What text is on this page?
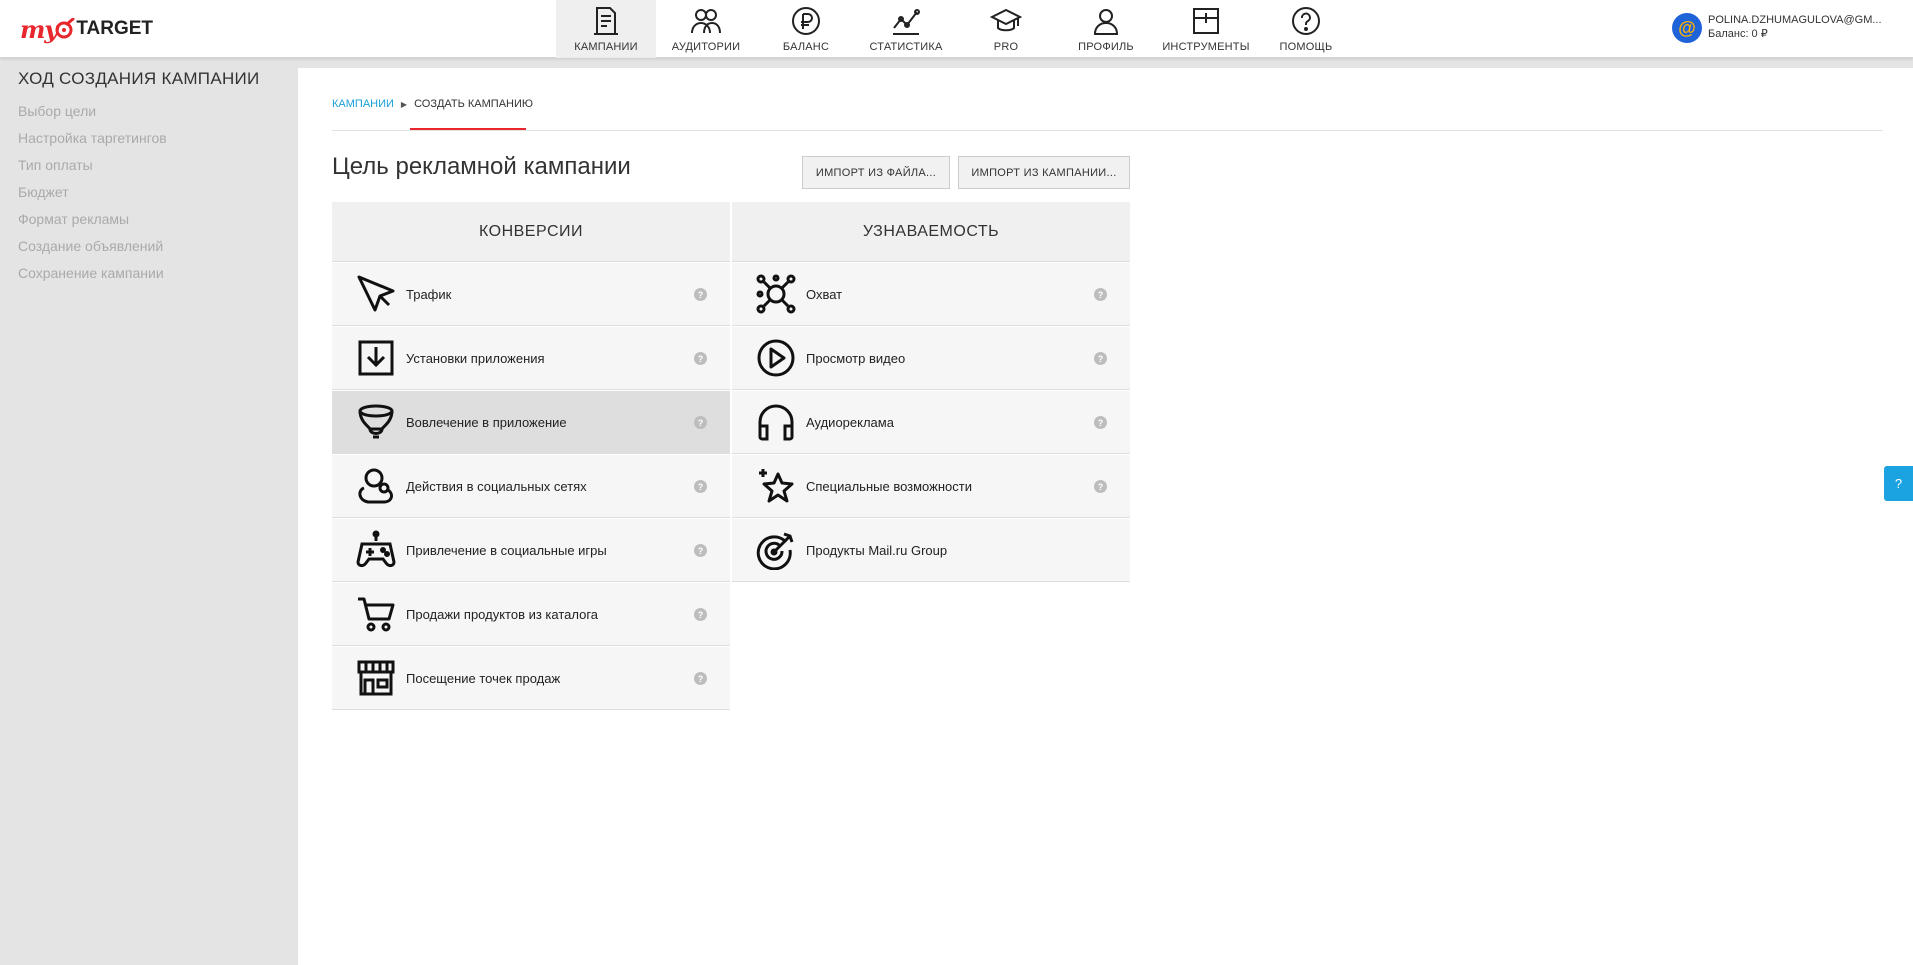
my TARGET
КАМПАНИИ	АУДИТОРИИ	БАЛАНС	СТАТИСТИКА	PRO	ПРОФИЛЬ	ИНСТРУМЕНТЫ	ПОМОЩЬ
@	POLINA.DZHUMAGULOVA@GM...
Баланс: 0 ₽
ХОД СОЗДАНИЯ КАМПАНИИ
Выбор цели
Настройка таргетингов
Тип оплаты
Бюджет
Формат рекламы
Создание объявлений
Сохранение кампании
КАМПАНИИ ▶ СОЗДАТЬ КАМПАНИЮ
Цель рекламной кампании	ИМПОРТ ИЗ ФАЙЛА...	ИМПОРТ ИЗ КАМПАНИИ...
КОНВЕРСИИ
Трафик	?
Установки приложения	?
Вовлечение в приложение	?
Действия в социальных сетях	?
Привлечение в социальные игры	?
Продажи продуктов из каталога	?
Посещение точек продаж	?
УЗНАВАЕМОСТЬ
Охват	?
Просмотр видео	?
Аудиореклама	?
Специальные возможности	?
Продукты Mail.ru Group
?
